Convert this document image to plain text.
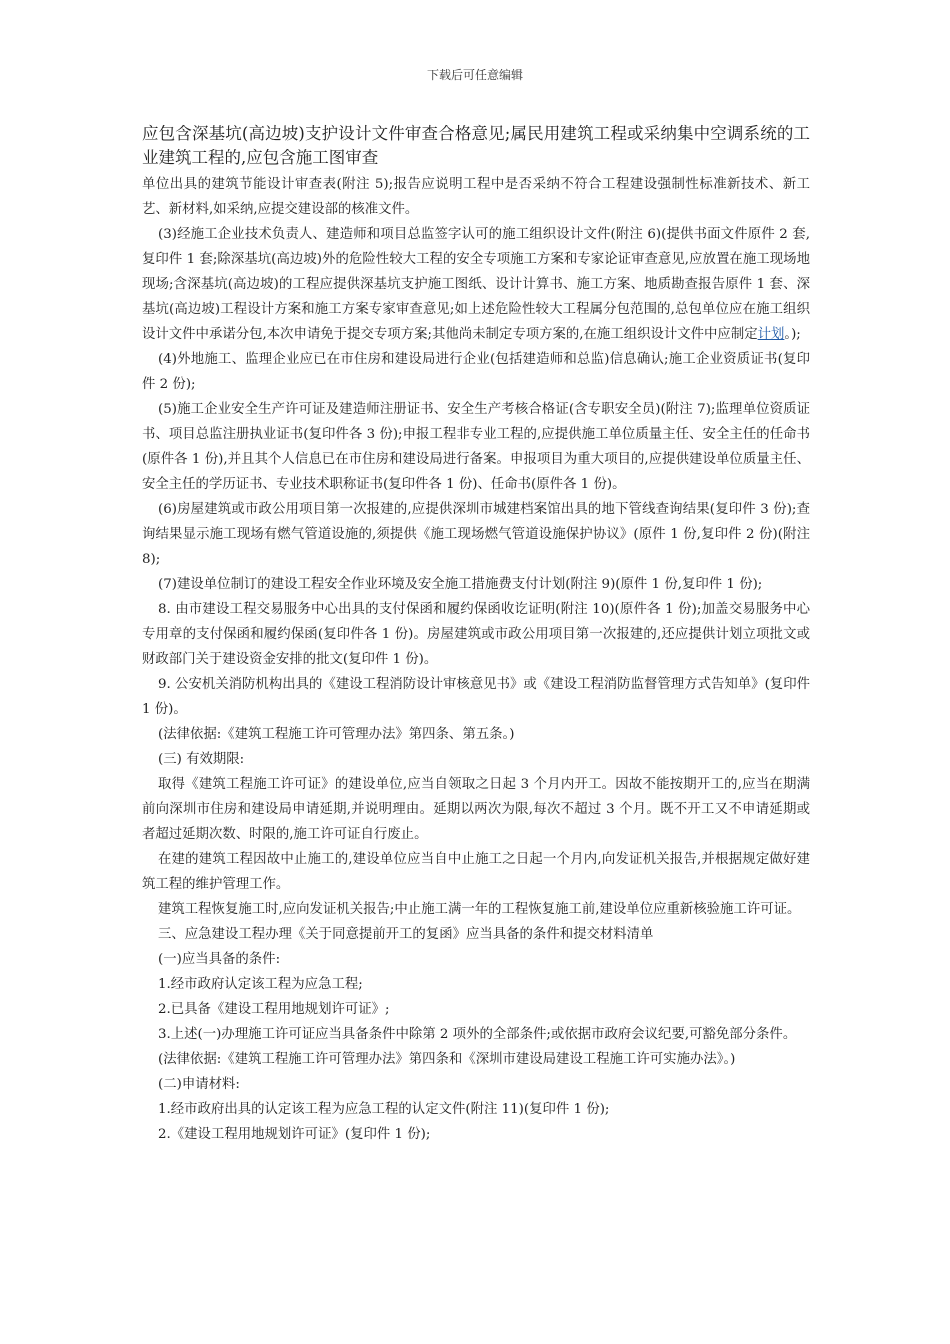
下载后可任意编辑
应包含深基坑(高边坡)支护设计文件审查合格意见;属民用建筑工程或采纳集中空调系统的工业建筑工程的,应包含施工图审查

单位出具的建筑节能设计审查表(附注 5);报告应说明工程中是否采纳不符合工程建设强制性标准新技术、新工艺、新材料,如采纳,应提交建设部的核准文件。

(3)经施工企业技术负责人、建造师和项目总监签字认可的施工组织设计文件(附注 6)(提供书面文件原件 2 套,复印件 1 套;除深基坑(高边坡)外的危险性较大工程的安全专项施工方案和专家论证审查意见,应放置在施工现场地现场;含深基坑(高边坡)的工程应提供深基坑支护施工图纸、设计计算书、施工方案、地质勘查报告原件 1 套、深基坑(高边坡)工程设计方案和施工方案专家审查意见;如上述危险性较大工程属分包范围的,总包单位应在施工组织设计文件中承诺分包,本次申请免于提交专项方案;其他尚未制定专项方案的,在施工组织设计文件中应制定计划。);

(4)外地施工、监理企业应已在市住房和建设局进行企业(包括建造师和总监)信息确认;施工企业资质证书(复印件 2 份);

(5)施工企业安全生产许可证及建造师注册证书、安全生产考核合格证(含专职安全员)(附注 7);监理单位资质证书、项目总监注册执业证书(复印件各 3 份);申报工程非专业工程的,应提供施工单位质量主任、安全主任的任命书(原件各 1 份),并且其个人信息已在市住房和建设局进行备案。申报项目为重大项目的,应提供建设单位质量主任、安全主任的学历证书、专业技术职称证书(复印件各 1 份)、任命书(原件各 1 份)。

(6)房屋建筑或市政公用项目第一次报建的,应提供深圳市城建档案馆出具的地下管线查询结果(复印件 3 份);查询结果显示施工现场有燃气管道设施的,须提供《施工现场燃气管道设施保护协议》(原件 1 份,复印件 2 份)(附注 8);

(7)建设单位制订的建设工程安全作业环境及安全施工措施费支付计划(附注 9)(原件 1 份,复印件 1 份);

8. 由市建设工程交易服务中心出具的支付保函和履约保函收讫证明(附注 10)(原件各 1 份);加盖交易服务中心专用章的支付保函和履约保函(复印件各 1 份)。房屋建筑或市政公用项目第一次报建的,还应提供计划立项批文或财政部门关于建设资金安排的批文(复印件 1 份)。

9. 公安机关消防机构出具的《建设工程消防设计审核意见书》或《建设工程消防监督管理方式告知单》(复印件 1 份)。

(法律依据:《建筑工程施工许可管理办法》第四条、第五条。)

(三) 有效期限:

取得《建筑工程施工许可证》的建设单位,应当自领取之日起 3 个月内开工。因故不能按期开工的,应当在期满前向深圳市住房和建设局申请延期,并说明理由。延期以两次为限,每次不超过 3 个月。既不开工又不申请延期或者超过延期次数、时限的,施工许可证自行废止。

在建的建筑工程因故中止施工的,建设单位应当自中止施工之日起一个月内,向发证机关报告,并根据规定做好建筑工程的维护管理工作。

建筑工程恢复施工时,应向发证机关报告;中止施工满一年的工程恢复施工前,建设单位应重新核验施工许可证。

三、应急建设工程办理《关于同意提前开工的复函》应当具备的条件和提交材料清单

(一)应当具备的条件:

1.经市政府认定该工程为应急工程;

2.已具备《建设工程用地规划许可证》;

3.上述(一)办理施工许可证应当具备条件中除第 2 项外的全部条件;或依据市政府会议纪要,可豁免部分条件。

(法律依据:《建筑工程施工许可管理办法》第四条和《深圳市建设局建设工程施工许可实施办法》。)

(二)申请材料:

1.经市政府出具的认定该工程为应急工程的认定文件(附注 11)(复印件 1 份);

2.《建设工程用地规划许可证》(复印件 1 份);
